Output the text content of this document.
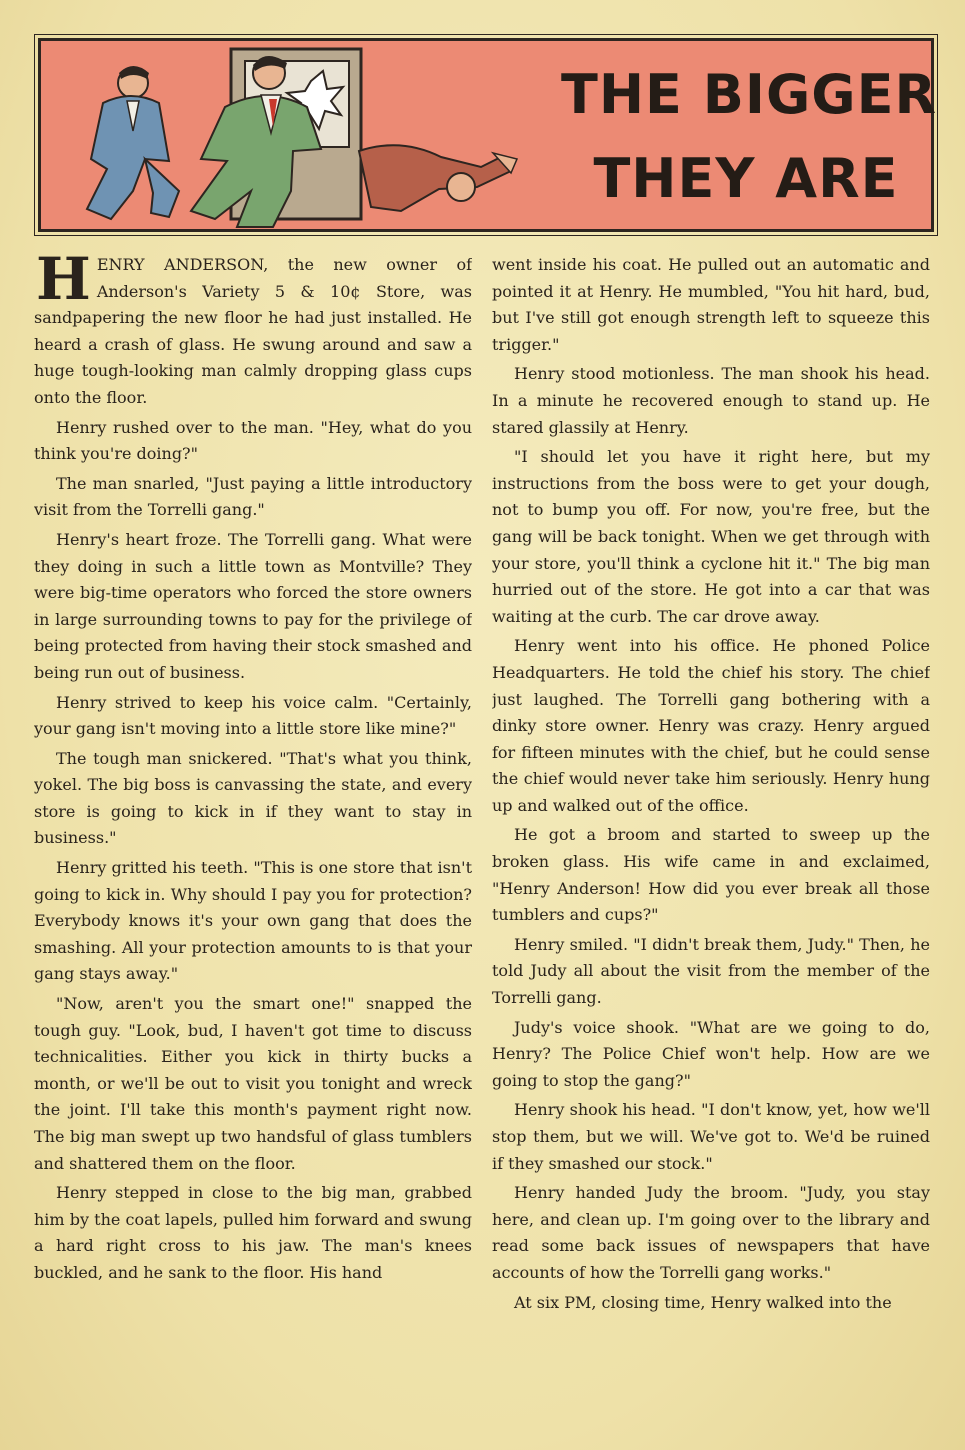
THE BIGGER
THEY ARE

HENRY ANDERSON, the new owner of Anderson's Variety 5 & 10¢ Store, was sandpapering the new floor he had just installed. He heard a crash of glass. He swung around and saw a huge tough-looking man calmly dropping glass cups onto the floor.

Henry rushed over to the man. "Hey, what do you think you're doing?"

The man snarled, "Just paying a little introductory visit from the Torrelli gang."

Henry's heart froze. The Torrelli gang. What were they doing in such a little town as Montville? They were big-time operators who forced the store owners in large surrounding towns to pay for the privilege of being protected from having their stock smashed and being run out of business.

Henry strived to keep his voice calm. "Certainly, your gang isn't moving into a little store like mine?"

The tough man snickered. "That's what you think, yokel. The big boss is canvassing the state, and every store is going to kick in if they want to stay in business."

Henry gritted his teeth. "This is one store that isn't going to kick in. Why should I pay you for protection? Everybody knows it's your own gang that does the smashing. All your protection amounts to is that your gang stays away."

"Now, aren't you the smart one!" snapped the tough guy. "Look, bud, I haven't got time to discuss technicalities. Either you kick in thirty bucks a month, or we'll be out to visit you tonight and wreck the joint. I'll take this month's payment right now. The big man swept up two handsful of glass tumblers and shattered them on the floor.

Henry stepped in close to the big man, grabbed him by the coat lapels, pulled him forward and swung a hard right cross to his jaw. The man's knees buckled, and he sank to the floor. His hand

went inside his coat. He pulled out an automatic and pointed it at Henry. He mumbled, "You hit hard, bud, but I've still got enough strength left to squeeze this trigger."

Henry stood motionless. The man shook his head. In a minute he recovered enough to stand up. He stared glassily at Henry.

"I should let you have it right here, but my instructions from the boss were to get your dough, not to bump you off. For now, you're free, but the gang will be back tonight. When we get through with your store, you'll think a cyclone hit it." The big man hurried out of the store. He got into a car that was waiting at the curb. The car drove away.

Henry went into his office. He phoned Police Headquarters. He told the chief his story. The chief just laughed. The Torrelli gang bothering with a dinky store owner. Henry was crazy. Henry argued for fifteen minutes with the chief, but he could sense the chief would never take him seriously. Henry hung up and walked out of the office.

He got a broom and started to sweep up the broken glass. His wife came in and exclaimed, "Henry Anderson! How did you ever break all those tumblers and cups?"

Henry smiled. "I didn't break them, Judy." Then, he told Judy all about the visit from the member of the Torrelli gang.

Judy's voice shook. "What are we going to do, Henry? The Police Chief won't help. How are we going to stop the gang?"

Henry shook his head. "I don't know, yet, how we'll stop them, but we will. We've got to. We'd be ruined if they smashed our stock."

Henry handed Judy the broom. "Judy, you stay here, and clean up. I'm going over to the library and read some back issues of newspapers that have accounts of how the Torrelli gang works."

At six PM, closing time, Henry walked into the
